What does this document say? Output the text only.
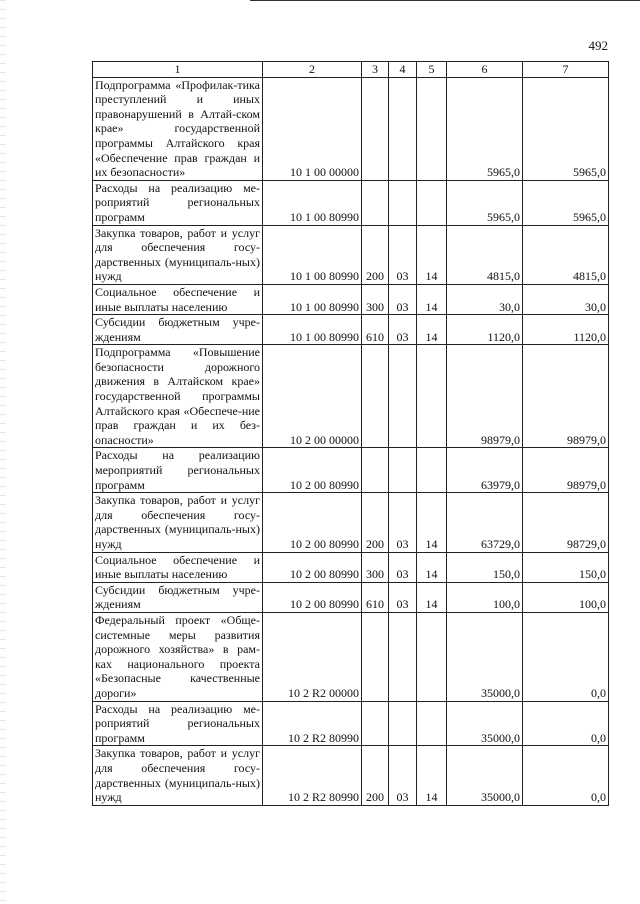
492
1	2	3	4	5	6	7
Подпрограмма «Профилак-тика преступлений и иных правонарушений в Алтай-ском крае» государственной программы Алтайского края «Обеспечение прав граждан и их безопасности»	10 1 00 00000				5965,0	5965,0
Расходы на реализацию ме-роприятий региональных программ	10 1 00 80990				5965,0	5965,0
Закупка товаров, работ и услуг для обеспечения госу-дарственных (муниципаль-ных) нужд	10 1 00 80990	200	03	14	4815,0	4815,0
Социальное обеспечение и иные выплаты населению	10 1 00 80990	300	03	14	30,0	30,0
Субсидии бюджетным учре-ждениям	10 1 00 80990	610	03	14	1120,0	1120,0
Подпрограмма «Повышение безопасности дорожного движения в Алтайском крае» государственной программы Алтайского края «Обеспече-ние прав граждан и их без-опасности»	10 2 00 00000				98979,0	98979,0
Расходы на реализацию мероприятий региональных программ	10 2 00 80990				63979,0	98979,0
Закупка товаров, работ и услуг для обеспечения госу-дарственных (муниципаль-ных) нужд	10 2 00 80990	200	03	14	63729,0	98729,0
Социальное обеспечение и иные выплаты населению	10 2 00 80990	300	03	14	150,0	150,0
Субсидии бюджетным учре-ждениям	10 2 00 80990	610	03	14	100,0	100,0
Федеральный проект «Обще-системные меры развития дорожного хозяйства» в рам-ках национального проекта «Безопасные качественные дороги»	10 2 R2 00000				35000,0	0,0
Расходы на реализацию ме-роприятий региональных программ	10 2 R2 80990				35000,0	0,0
Закупка товаров, работ и услуг для обеспечения госу-дарственных (муниципаль-ных) нужд	10 2 R2 80990	200	03	14	35000,0	0,0
